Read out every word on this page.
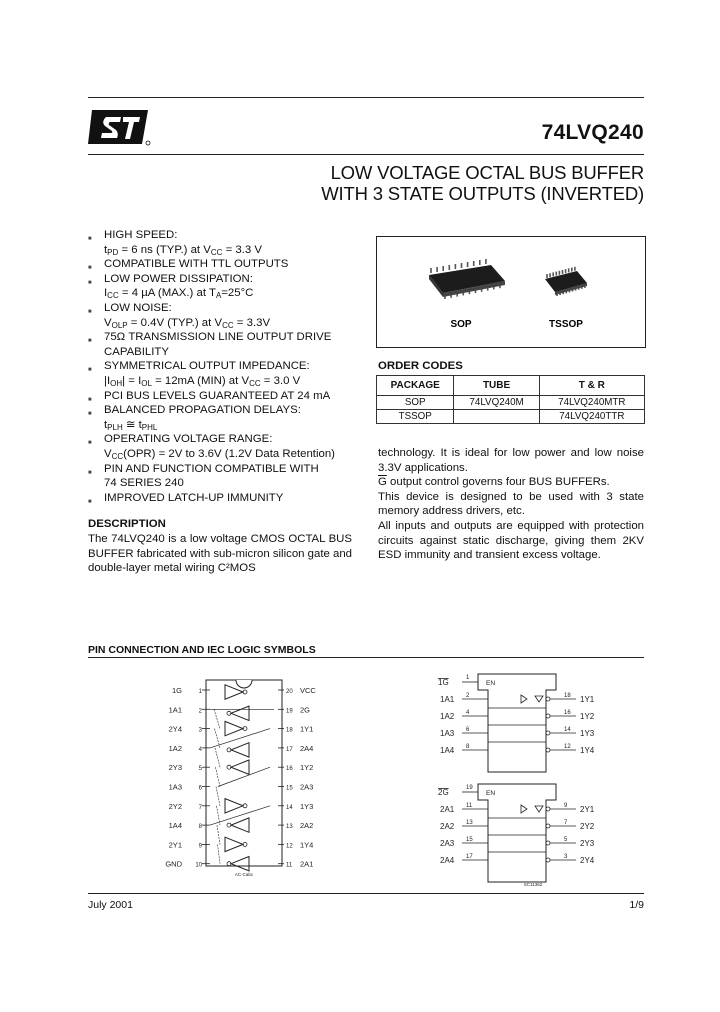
74LVQ240
LOW VOLTAGE OCTAL BUS BUFFER
WITH 3 STATE OUTPUTS (INVERTED)
■ HIGH SPEED:
$t_{PD} = 6$ ns (TYP.) at $V_{CC} = 3.3$ V
■ COMPATIBLE WITH TTL OUTPUTS
■ LOW POWER DISSIPATION:
$I_{CC} = 4$ µA (MAX.) at $T_A=25^\circ C$
■ LOW NOISE:
$V_{OLP} = 0.4V$ (TYP.) at $V_{CC} = 3.3V$
■ 75Ω TRANSMISSION LINE OUTPUT DRIVE
CAPABILITY
■ SYMMETRICAL OUTPUT IMPEDANCE:
$|I_{OH}| = I_{OL} = 12mA$ (MIN) at $V_{CC} = 3.0$ V
■ PCI BUS LEVELS GUARANTEED AT 24 mA
■ BALANCED PROPAGATION DELAYS:
$t_{PLH}$ ≅ $t_{PHL}$
■ OPERATING VOLTAGE RANGE:
$V_{CC}(OPR) = 2V$ to 3.6V (1.2V Data Retention)
■ PIN AND FUNCTION COMPATIBLE WITH
74 SERIES 240
■ IMPROVED LATCH-UP IMMUNITY
DESCRIPTION
The 74LVQ240 is a low voltage CMOS OCTAL BUS BUFFER fabricated with sub-micron silicon gate and double-layer metal wiring C²MOS
SOP	TSSOP
ORDER CODES
PACKAGE	TUBE	T & R
SOP	74LVQ240M	74LVQ240MTR
TSSOP		74LVQ240TTR
technology. It is ideal for low power and low noise 3.3V applications.
$\overline{G}$ output control governs four BUS BUFFERs.
This device is designed to be used with 3 state memory address drivers, etc.
All inputs and outputs are equipped with protection circuits against static discharge, giving them 2KV ESD immunity and transient excess voltage.
PIN CONNECTION AND IEC LOGIC SYMBOLS
1G	1
1A1	2
2Y4	3
1A2	4
2Y3	5
1A3	6
2Y2	7
1A4	8
2Y1	9
GND 10
20 VCC
19 2G
18 1Y1
17 2A4
16 1Y2
15 2A3
14 1Y3
13 2A2
12 1Y4
11 2A1
AC-Cabc
EN
1G	1
1A1 2	18 1Y1
1A2 4	16 1Y2
1A3 6	14 1Y3
1A4 8	12 1Y4
EN
2G	19
2A1 11	9 2Y1
2A2 13	7 2Y2
2A3 15	5 2Y3
2A4 17	3 2Y4
SC11362
July 2001	1/9
